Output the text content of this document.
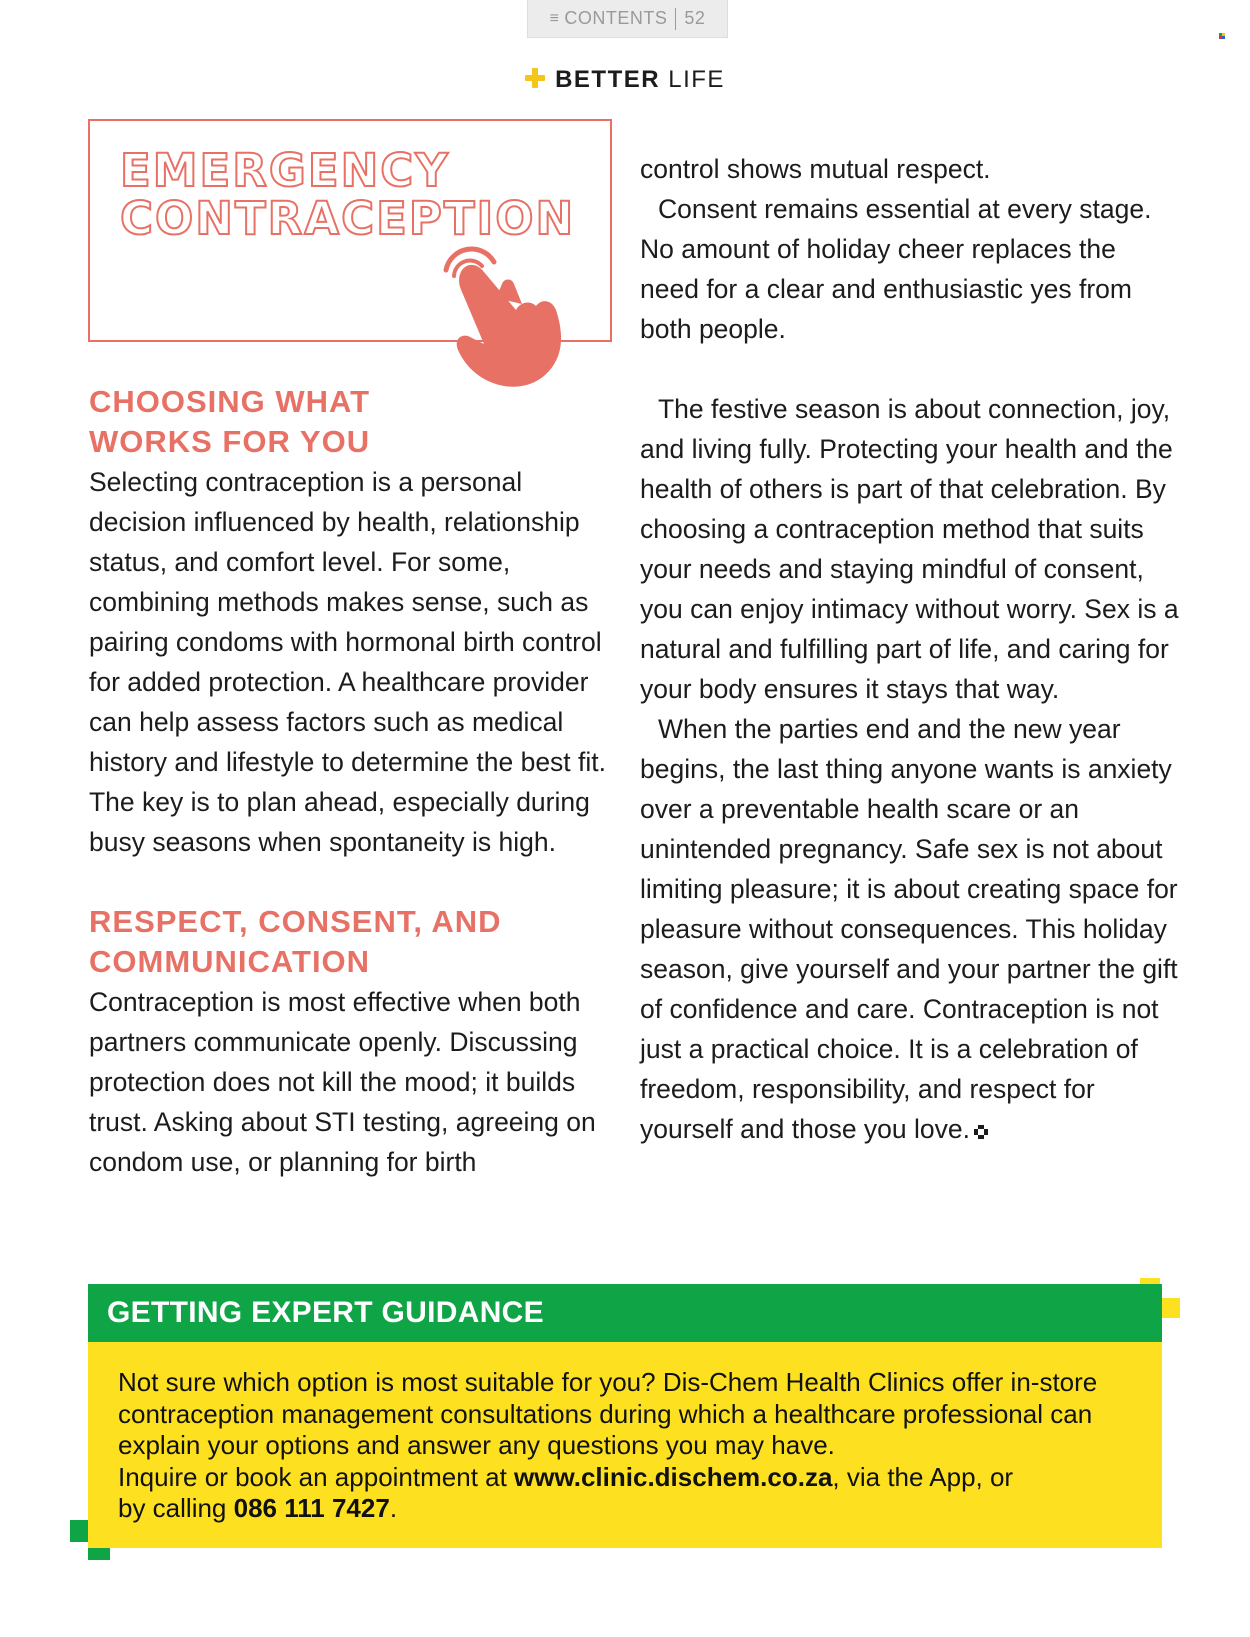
≡ CONTENTS 52
BETTER LIFE
EMERGENCY
CONTRACEPTION
CHOOSING WHAT WORKS FOR YOU

Selecting contraception is a personal decision influenced by health, relationship status, and comfort level. For some, combining methods makes sense, such as pairing condoms with hormonal birth control for added protection. A healthcare provider can help assess factors such as medical history and lifestyle to determine the best fit. The key is to plan ahead, especially during busy seasons when spontaneity is high.

RESPECT, CONSENT, AND COMMUNICATION

Contraception is most effective when both partners communicate openly. Discussing protection does not kill the mood; it builds trust. Asking about STI testing, agreeing on condom use, or planning for birth

control shows mutual respect.

Consent remains essential at every stage. No amount of holiday cheer replaces the need for a clear and enthusiastic yes from both people.

The festive season is about connection, joy, and living fully. Protecting your health and the health of others is part of that celebration. By choosing a contraception method that suits your needs and staying mindful of consent, you can enjoy intimacy without worry. Sex is a natural and fulfilling part of life, and caring for your body ensures it stays that way.

When the parties end and the new year begins, the last thing anyone wants is anxiety over a preventable health scare or an unintended pregnancy. Safe sex is not about limiting pleasure; it is about creating space for pleasure without consequences. This holiday season, give yourself and your partner the gift of confidence and care. Contraception is not just a practical choice. It is a celebration of freedom, responsibility, and respect for yourself and those you love.

GETTING EXPERT GUIDANCE
Not sure which option is most suitable for you? Dis-Chem Health Clinics offer in-store contraception management consultations during which a healthcare professional can explain your options and answer any questions you may have.
Inquire or book an appointment at www.clinic.dischem.co.za, via the App, or
by calling 086 111 7427.
